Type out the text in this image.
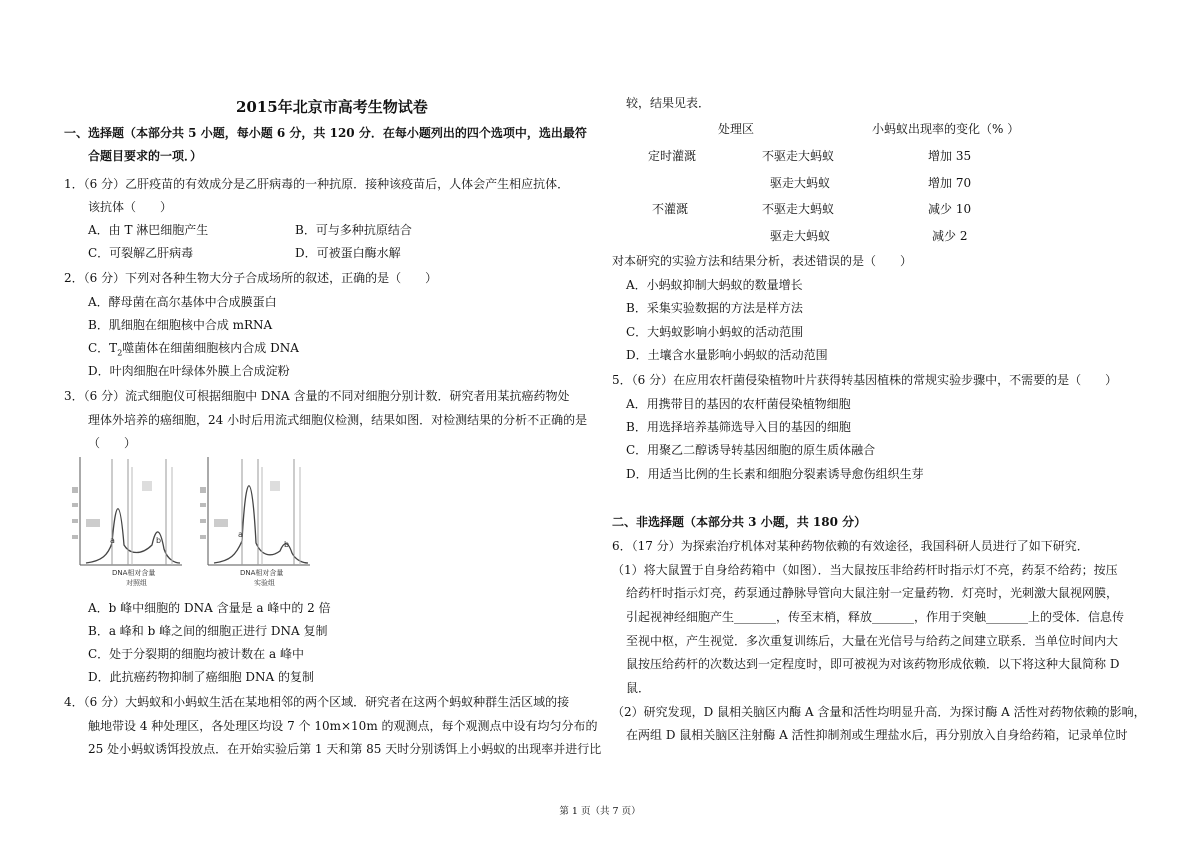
2015年北京市高考生物试卷
一、选择题（本部分共 5 小题，每小题 6 分，共 120 分．在每小题列出的四个选项中，选出最符
合题目要求的一项．）
1．（6 分）乙肝疫苗的有效成分是乙肝病毒的一种抗原．接种该疫苗后，人体会产生相应抗体．
该抗体（　　）
A．由 T 淋巴细胞产生	B．可与多种抗原结合
C．可裂解乙肝病毒	D．可被蛋白酶水解
2．（6 分）下列对各种生物大分子合成场所的叙述，正确的是（　　）
A．酵母菌在高尔基体中合成膜蛋白
B．肌细胞在细胞核中合成 mRNA
C．$T_2$噬菌体在细菌细胞核内合成 DNA
D．叶肉细胞在叶绿体外膜上合成淀粉
3．（6 分）流式细胞仪可根据细胞中 DNA 含量的不同对细胞分别计数．研究者用某抗癌药物处
理体外培养的癌细胞，24 小时后用流式细胞仪检测，结果如图．对检测结果的分析不正确的是
（　　）
a	b
DNA相对含量
对照组
a
b
DNA相对含量
实验组
A．b 峰中细胞的 DNA 含量是 a 峰中的 2 倍
B．a 峰和 b 峰之间的细胞正进行 DNA 复制
C．处于分裂期的细胞均被计数在 a 峰中
D．此抗癌药物抑制了癌细胞 DNA 的复制
4．（6 分）大蚂蚁和小蚂蚁生活在某地相邻的两个区域．研究者在这两个蚂蚁种群生活区域的接
触地带设 4 种处理区，各处理区均设 7 个 10m×10m 的观测点，每个观测点中设有均匀分布的
25 处小蚂蚁诱饵投放点．在开始实验后第 1 天和第 85 天时分别诱饵上小蚂蚁的出现率并进行比
较，结果见表．
处理区	小蚂蚁出现率的变化（% ）
定时灌溉	不驱走大蚂蚁	增加 35
驱走大蚂蚁	增加 70
不灌溉	不驱走大蚂蚁	减少 10
驱走大蚂蚁	减少 2
对本研究的实验方法和结果分析，表述错误的是（　　）
A．小蚂蚁抑制大蚂蚁的数量增长
B．采集实验数据的方法是样方法
C．大蚂蚁影响小蚂蚁的活动范围
D．土壤含水量影响小蚂蚁的活动范围
5．（6 分）在应用农杆菌侵染植物叶片获得转基因植株的常规实验步骤中，不需要的是（　　）
A．用携带目的基因的农杆菌侵染植物细胞
B．用选择培养基筛选导入目的基因的细胞
C．用聚乙二醇诱导转基因细胞的原生质体融合
D．用适当比例的生长素和细胞分裂素诱导愈伤组织生芽
二、非选择题（本部分共 3 小题，共 180 分）
6．（17 分）为探索治疗机体对某种药物依赖的有效途径，我国科研人员进行了如下研究．
（1）将大鼠置于自身给药箱中（如图）．当大鼠按压非给药杆时指示灯不亮，药泵不给药；按压
给药杆时指示灯亮，药泵通过静脉导管向大鼠注射一定量药物．灯亮时，光刺激大鼠视网膜，
引起视神经细胞产生_______，传至末梢，释放_______，作用于突触_______上的受体．信息传
至视中枢，产生视觉．多次重复训练后，大量在光信号与给药之间建立联系．当单位时间内大
鼠按压给药杆的次数达到一定程度时，即可被视为对该药物形成依赖．以下将这种大鼠简称 D
鼠．
（2）研究发现，D 鼠相关脑区内酶 A 含量和活性均明显升高．为探讨酶 A 活性对药物依赖的影响，
在两组 D 鼠相关脑区注射酶 A 活性抑制剂或生理盐水后，再分别放入自身给药箱，记录单位时
第 1 页（共 7 页）
